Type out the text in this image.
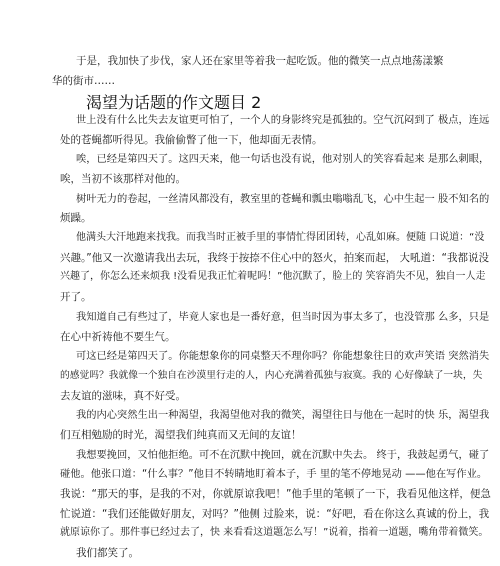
于是，我加快了步伐，家人还在家里等着我一起吃饭。他的微笑一点点地荡漾繁
华的街市……
渴望为话题的作文题目 2
世上没有什么比失去友谊更可怕了，一个人的身影终究是孤独的。空气沉闷到了 极点，连远
处的苍蝇都听得见。我偷偷瞥了他一下，他却面无表情。
唉，已经是第四天了。这四天来，他一句话也没有说，他对别人的笑容看起来 是那么刺眼，
唉，当初不该那样对他的。
树叶无力的卷起，一丝清风都没有，教室里的苍蝇和瓢虫嗡嗡乱飞，心中生起一 股不知名的
烦躁。
他满头大汗地跑来找我。而我当时正被手里的事情忙得团团转，心乱如麻。便随 口说道：“没
兴趣。”他又一次邀请我出去玩，我终于按捺不住心中的怒火，拍案而起， 大吼道：“我都说没
兴趣了，你怎么还来烦我 !没看见我正忙着呢吗！”他沉默了，脸上的 笑容消失不见，独自一人走
开了。
我知道自己有些过了，毕竟人家也是一番好意，但当时因为事太多了，也没管那 么多，只是
在心中祈祷他不要生气。
可这已经是第四天了。你能想象你的同桌整天不理你吗？你能想象往日的欢声笑语 突然消失
的感觉吗？我就像一个独自在沙漠里行走的人，内心充满着孤独与寂寞。我的 心好像缺了一块，失
去友谊的滋味，真不好受。
我的内心突然生出一种渴望，我渴望他对我的微笑，渴望往日与他在一起时的快 乐，渴望我
们互相勉励的时光，渴望我们纯真而又无间的友谊！
我想要挽回，又怕他拒绝。可不在沉默中挽回，就在沉默中失去。 终于，我鼓起勇气，碰了
碰他。他张口道：“什么事？”他目不转睛地盯着本子，手 里的笔不停地晃动 ——他在写作业。
我说：“那天的事，是我的不对，你就原谅我吧！”他手里的笔顿了一下，我看见他这样，便急
忙说道：“我们还能做好朋友，对吗？”他侧 过脸来，说：“好吧，看在你这么真诚的份上，我
就原谅你了。那件事已经过去了，快 来看看这道题怎么写！”说着，指着一道题，嘴角带着微笑。
我们都笑了。
